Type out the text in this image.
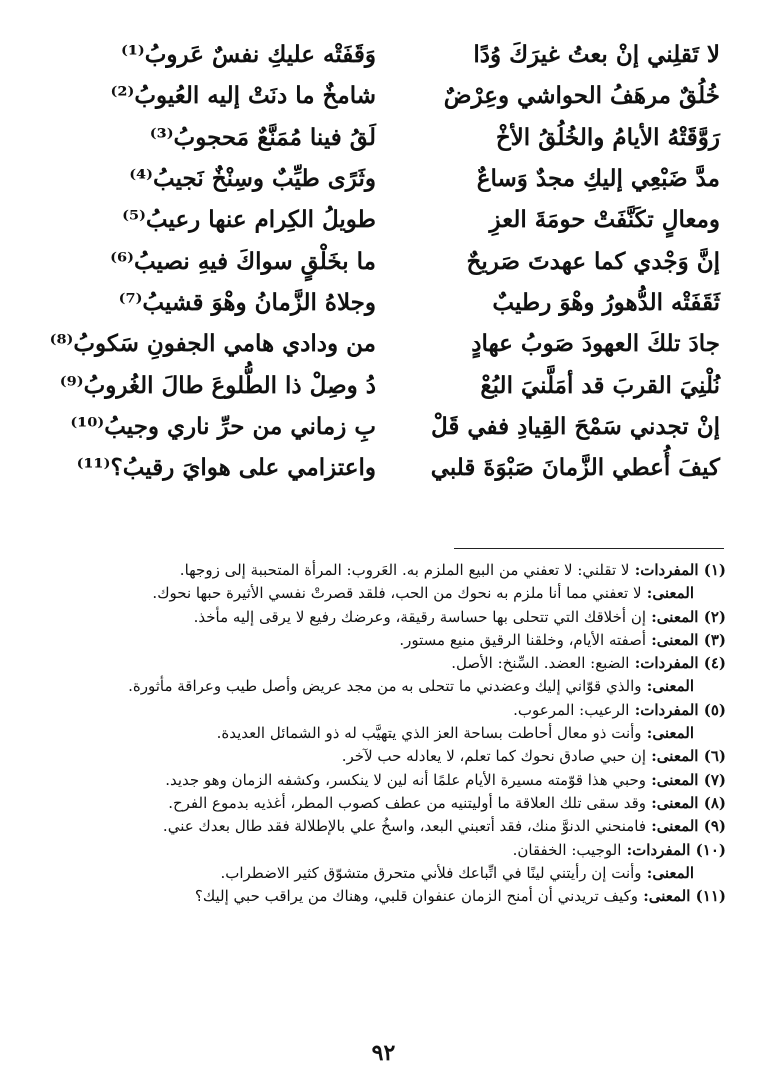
لا تَقلِني إنْ بعتُ غيرَكَ وُدًا
وَقَفَتْه عليكِ نفسٌ عَروبُ⁽¹⁾
خُلُقٌ مرهَفُ الحواشي وعِرْضٌ
شامخٌ ما دنَتْ إليه العُيوبُ⁽²⁾
رَوَّقَتْهُ الأيامُ والخُلُقُ الأخْ
لَقُ فينا مُمَنَّعٌ مَحجوبُ⁽³⁾
مدَّ ضَبْعِي إليكِ مجدٌ وَساعٌ
وثَرًى طيِّبٌ وسِنْخٌ نَجيبُ⁽⁴⁾
ومعالٍ تكَنَّفَتْ حومَةَ العزِ
طويلُ الكِرام عنها رعيبُ⁽⁵⁾
إنَّ وَجْدي كما عهدتَ صَريحٌ
ما بخَلْقٍ سواكَ فيهِ نصيبُ⁽⁶⁾
ثَقَفَتْه الدُّهورُ وهْوَ رطيبٌ
وجلاهُ الزَّمانُ وهْوَ قشيبُ⁽⁷⁾
جادَ تلكَ العهودَ صَوبُ عهادٍ
من ودادي هامي الجفونِ سَكوبُ⁽⁸⁾
نُلْنِيَ القربَ قد أمَلَّنيَ البُعْ
دُ وصِلْ ذا الطُّلوعَ طالَ الغُروبُ⁽⁹⁾
إنْ تجدني سَمْحَ القِيادِ ففي قَلْ
بِ زماني من حرِّ ناري وجيبُ⁽¹⁰⁾
كيفَ أُعطي الزَّمانَ صَبْوَةَ قلبي
واعتزامي على هوايَ رقيبُ؟⁽¹¹⁾
(١) المفردات: لا تقلني: لا تعفني من البيع الملزم به. العَروب: المرأة المتحببة إلى زوجها.
المعنى: لا تعفني مما أنا ملزم به نحوك من الحب، فلقد قصرتْ نفسي الأثيرة حبها نحوك.
(٢) المعنى: إن أخلاقك التي تتحلى بها حساسة رقيقة، وعرضك رفيع لا يرقى إليه مأخذ.
(٣) المعنى: أصفته الأيام، وخلقنا الرقيق منيع مستور.
(٤) المفردات: الضبع: العضد. السِّنخ: الأصل.
المعنى: والذي قوّاني إليك وعضدني ما تتحلى به من مجد عريض وأصل طيب وعراقة مأثورة.
(٥) المفردات: الرعيب: المرعوب.
المعنى: وأنت ذو معال أحاطت بساحة العز الذي يتهيَّب له ذو الشمائل العديدة.
(٦) المعنى: إن حبي صادق نحوك كما تعلم، لا يعادله حب لآخر.
(٧) المعنى: وحبي هذا قوّمته مسيرة الأيام علمًا أنه لين لا ينكسر، وكشفه الزمان وهو جديد.
(٨) المعنى: وقد سقى تلك العلاقة ما أوليتنيه من عطف كصوب المطر، أغذيه بدموع الفرح.
(٩) المعنى: فامنحني الدنوَّ منك، فقد أتعبني البعد، واسخُ علي بالإطلالة فقد طال بعدك عني.
(١٠) المفردات: الوجيب: الخفقان.
المعنى: وأنت إن رأيتني لينًا في اتِّباعك فلأني متحرق متشوّق كثير الاضطراب.
(١١) المعنى: وكيف تريدني أن أمنح الزمان عنفوان قلبي، وهناك من يراقب حبي إليك؟
٩٢
